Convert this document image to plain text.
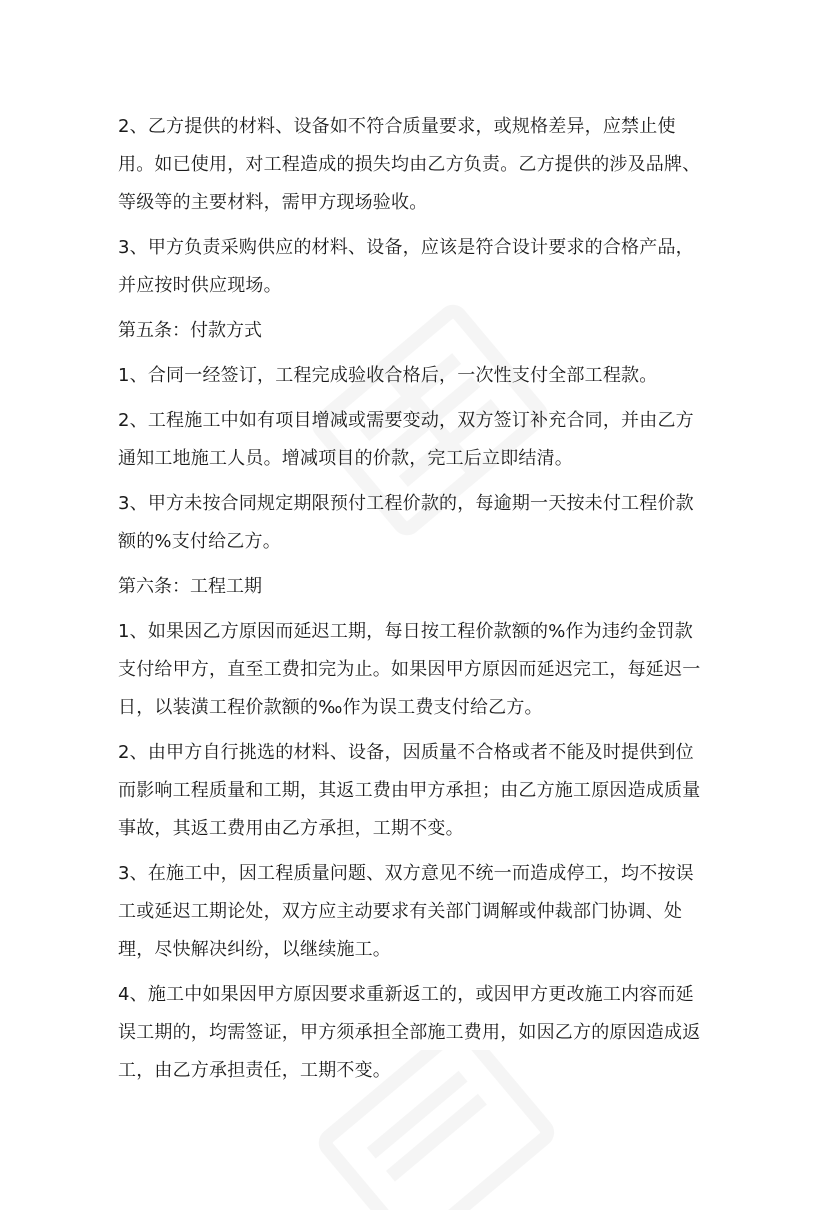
2、乙方提供的材料、设备如不符合质量要求，或规格差异，应禁止使用。如已使用，对工程造成的损失均由乙方负责。乙方提供的涉及品牌、等级等的主要材料，需甲方现场验收。

3、甲方负责采购供应的材料、设备，应该是符合设计要求的合格产品，并应按时供应现场。

第五条：付款方式

1、合同一经签订，工程完成验收合格后，一次性支付全部工程款。

2、工程施工中如有项目增减或需要变动，双方签订补充合同，并由乙方通知工地施工人员。增减项目的价款，完工后立即结清。

3、甲方未按合同规定期限预付工程价款的，每逾期一天按未付工程价款额的%支付给乙方。

第六条：工程工期

1、如果因乙方原因而延迟工期，每日按工程价款额的%作为违约金罚款支付给甲方，直至工费扣完为止。如果因甲方原因而延迟完工，每延迟一日，以装潢工程价款额的‰作为误工费支付给乙方。

2、由甲方自行挑选的材料、设备，因质量不合格或者不能及时提供到位而影响工程质量和工期，其返工费由甲方承担；由乙方施工原因造成质量事故，其返工费用由乙方承担，工期不变。

3、在施工中，因工程质量问题、双方意见不统一而造成停工，均不按误工或延迟工期论处，双方应主动要求有关部门调解或仲裁部门协调、处理，尽快解决纠纷，以继续施工。

4、施工中如果因甲方原因要求重新返工的，或因甲方更改施工内容而延误工期的，均需签证，甲方须承担全部施工费用，如因乙方的原因造成返工，由乙方承担责任，工期不变。
